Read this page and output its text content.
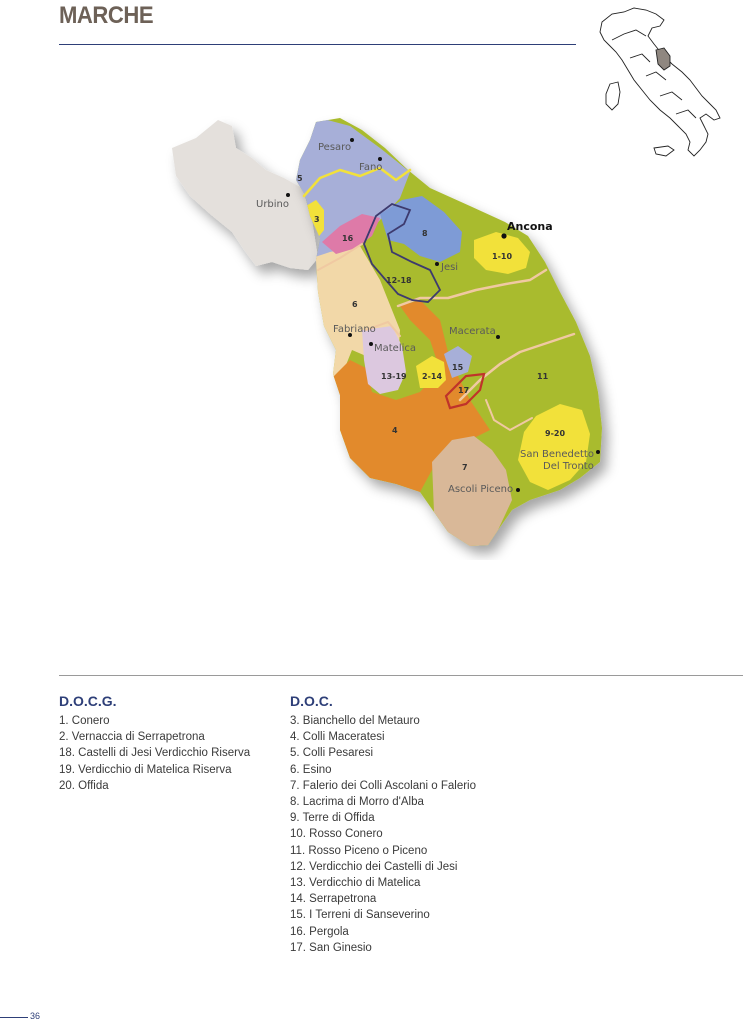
MARCHE
Pesaro
Fano
Urbino
Ancona
Jesi
Fabriano
Matelica
Macerata
San Benedetto
Del Tronto
Ascoli Piceno
5
3
16
8
1-10
12-18
6
13-19 2-14
15
17
11
4	9-20
7
D.O.C.G.
1. Conero
2. Vernaccia di Serrapetrona
18. Castelli di Jesi Verdicchio Riserva
19. Verdicchio di Matelica Riserva
20. Offida
D.O.C.
3. Bianchello del Metauro
4. Colli Maceratesi
5. Colli Pesaresi
6. Esino
7. Falerio dei Colli Ascolani o Falerio
8. Lacrima di Morro d'Alba
9. Terre di Offida
10. Rosso Conero
11. Rosso Piceno o Piceno
12. Verdicchio dei Castelli di Jesi
13. Verdicchio di Matelica
14. Serrapetrona
15. I Terreni di Sanseverino
16. Pergola
17. San Ginesio
36
